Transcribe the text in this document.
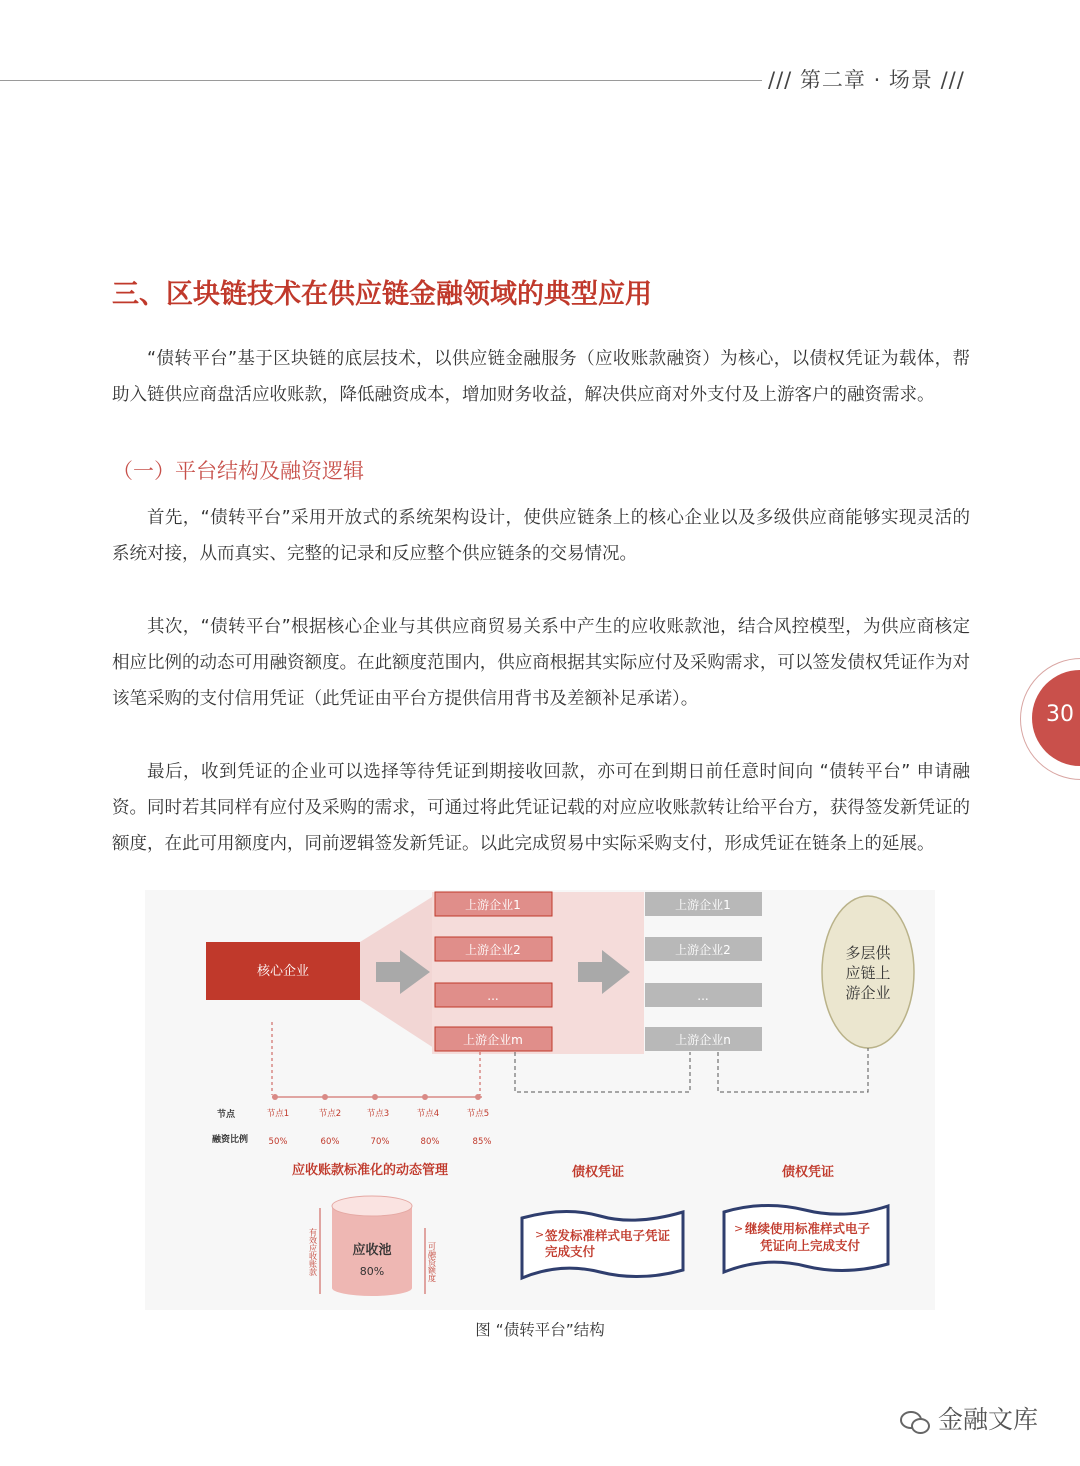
/// 第二章 · 场景 ///
三、区块链技术在供应链金融领域的典型应用

“债转平台”基于区块链的底层技术，以供应链金融服务（应收账款融资）为核心，以债权凭证为载体，帮助入链供应商盘活应收账款，降低融资成本，增加财务收益，解决供应商对外支付及上游客户的融资需求。

（一）平台结构及融资逻辑

首先，“债转平台”采用开放式的系统架构设计，使供应链条上的核心企业以及多级供应商能够实现灵活的系统对接，从而真实、完整的记录和反应整个供应链条的交易情况。

其次，“债转平台”根据核心企业与其供应商贸易关系中产生的应收账款池，结合风控模型，为供应商核定相应比例的动态可用融资额度。在此额度范围内，供应商根据其实际应付及采购需求，可以签发债权凭证作为对该笔采购的支付信用凭证（此凭证由平台方提供信用背书及差额补足承诺）。

最后，收到凭证的企业可以选择等待凭证到期接收回款，亦可在到期日前任意时间向 “债转平台” 申请融资。同时若其同样有应付及采购的需求，可通过将此凭证记载的对应应收账款转让给平台方，获得签发新凭证的额度，在此可用额度内，同前逻辑签发新凭证。以此完成贸易中实际采购支付，形成凭证在链条上的延展。

30
核心企业
上游企业1
上游企业2
...
上游企业m
上游企业1
上游企业2
...
上游企业n
多层供
应链上
游企业
节点
融资比例
节点1	节点2	节点3	节点4	节点5
50%	60%	70%	80%	85%
应收账款标准化的动态管理
应收池
80%
有效应收账款	可融资额度
债权凭证
> 签发标准样式电子凭证
完成支付
债权凭证
> 继续使用标准样式电子
凭证向上完成支付
图 “债转平台”结构
金融文库
